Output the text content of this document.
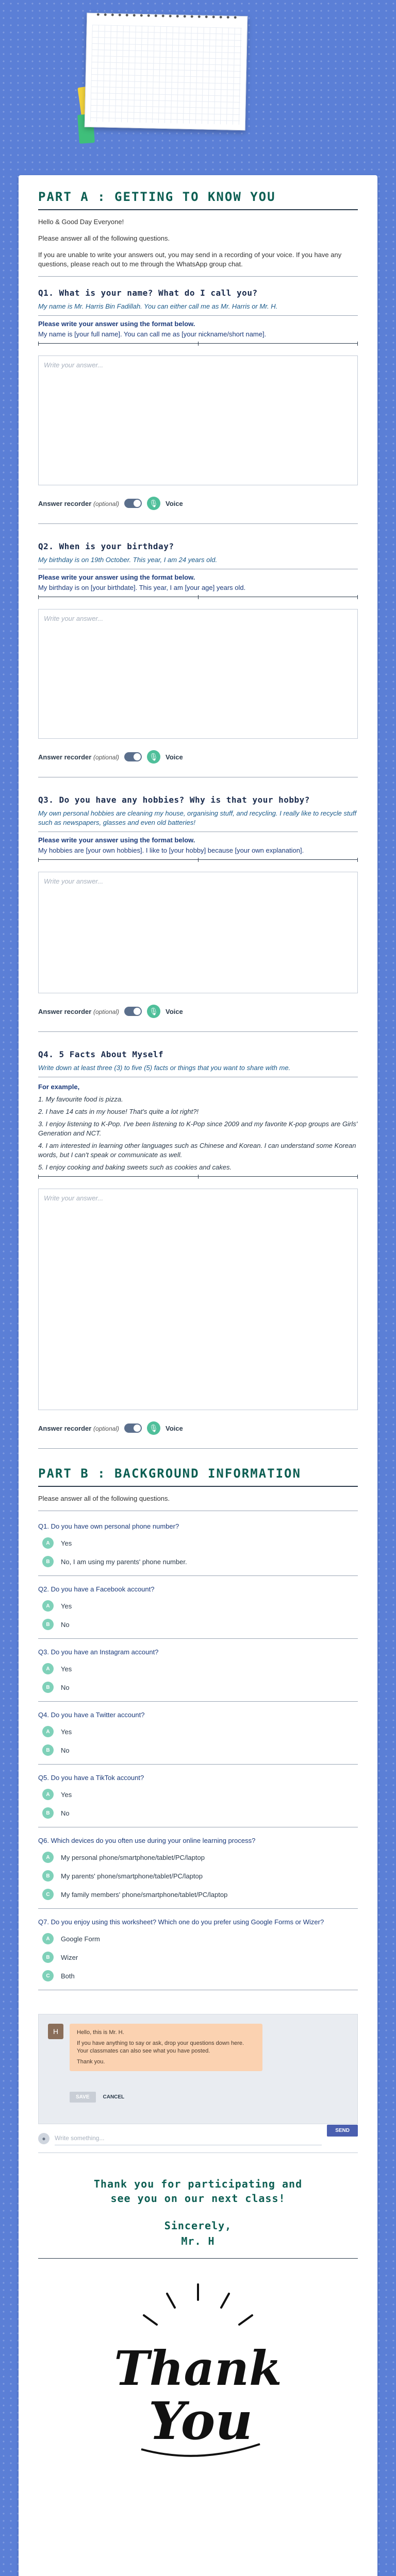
PART A : GETTING TO KNOW YOU

Hello & Good Day Everyone!

Please answer all of the following questions.

If you are unable to write your answers out, you may send in a recording of your voice. If you have any questions, please reach out to me through the WhatsApp group chat.

Q1. What is your name? What do I call you?
My name is Mr. Harris Bin Fadillah. You can either call me as Mr. Harris or Mr. H.
Please write your answer using the format below.
My name is [your full name]. You can call me as [your nickname/short name].
Write your answer...
Answer recorder (optional)	🎙	Voice
Q2. When is your birthday?
My birthday is on 19th October. This year, I am 24 years old.
Please write your answer using the format below.
My birthday is on [your birthdate]. This year, I am [your age] years old.
Write your answer...
Answer recorder (optional)	🎙	Voice
Q3. Do you have any hobbies? Why is that your hobby?
My own personal hobbies are cleaning my house, organising stuff, and recycling. I really like to recycle stuff such as newspapers, glasses and even old batteries!
Please write your answer using the format below.
My hobbies are [your own hobbies]. I like to [your hobby] because [your own explanation].
Write your answer...
Answer recorder (optional)	🎙	Voice
Q4. 5 Facts About Myself
Write down at least three (3) to five (5) facts or things that you want to share with me.

For example,

1. My favourite food is pizza.

2. I have 14 cats in my house! That's quite a lot right?!

3. I enjoy listening to K-Pop. I've been listening to K-Pop since 2009 and my favorite K-pop groups are Girls' Generation and NCT.

4. I am interested in learning other languages such as Chinese and Korean. I can understand some Korean words, but I can't speak or communicate as well.

5. I enjoy cooking and baking sweets such as cookies and cakes.

Write your answer...
Answer recorder (optional)	🎙	Voice
PART B : BACKGROUND INFORMATION

Please answer all of the following questions.

Q1. Do you have own personal phone number?
A	Yes
B	No, I am using my parents' phone number.
Q2. Do you have a Facebook account?
A	Yes
B	No
Q3. Do you have an Instagram account?
A	Yes
B	No
Q4. Do you have a Twitter account?
A	Yes
B	No
Q5. Do you have a TikTok account?
A	Yes
B	No
Q6. Which devices do you often use during your online learning process?
A	My personal phone/smartphone/tablet/PC/laptop
B	My parents' phone/smartphone/tablet/PC/laptop
C	My family members' phone/smartphone/tablet/PC/laptop
Q7. Do you enjoy using this worksheet? Which one do you prefer using Google Forms or Wizer?
A	Google Form
B	Wizer
C	Both
H	Hello, this is Mr. H.

If you have anything to say or ask, drop your questions down here. Your classmates can also see what you have posted.

Thank you.

SAVE	CANCEL
●	Write something...
SEND
Thank you for participating and
see you on our next class!
Sincerely,
Mr. H
Thank
You
